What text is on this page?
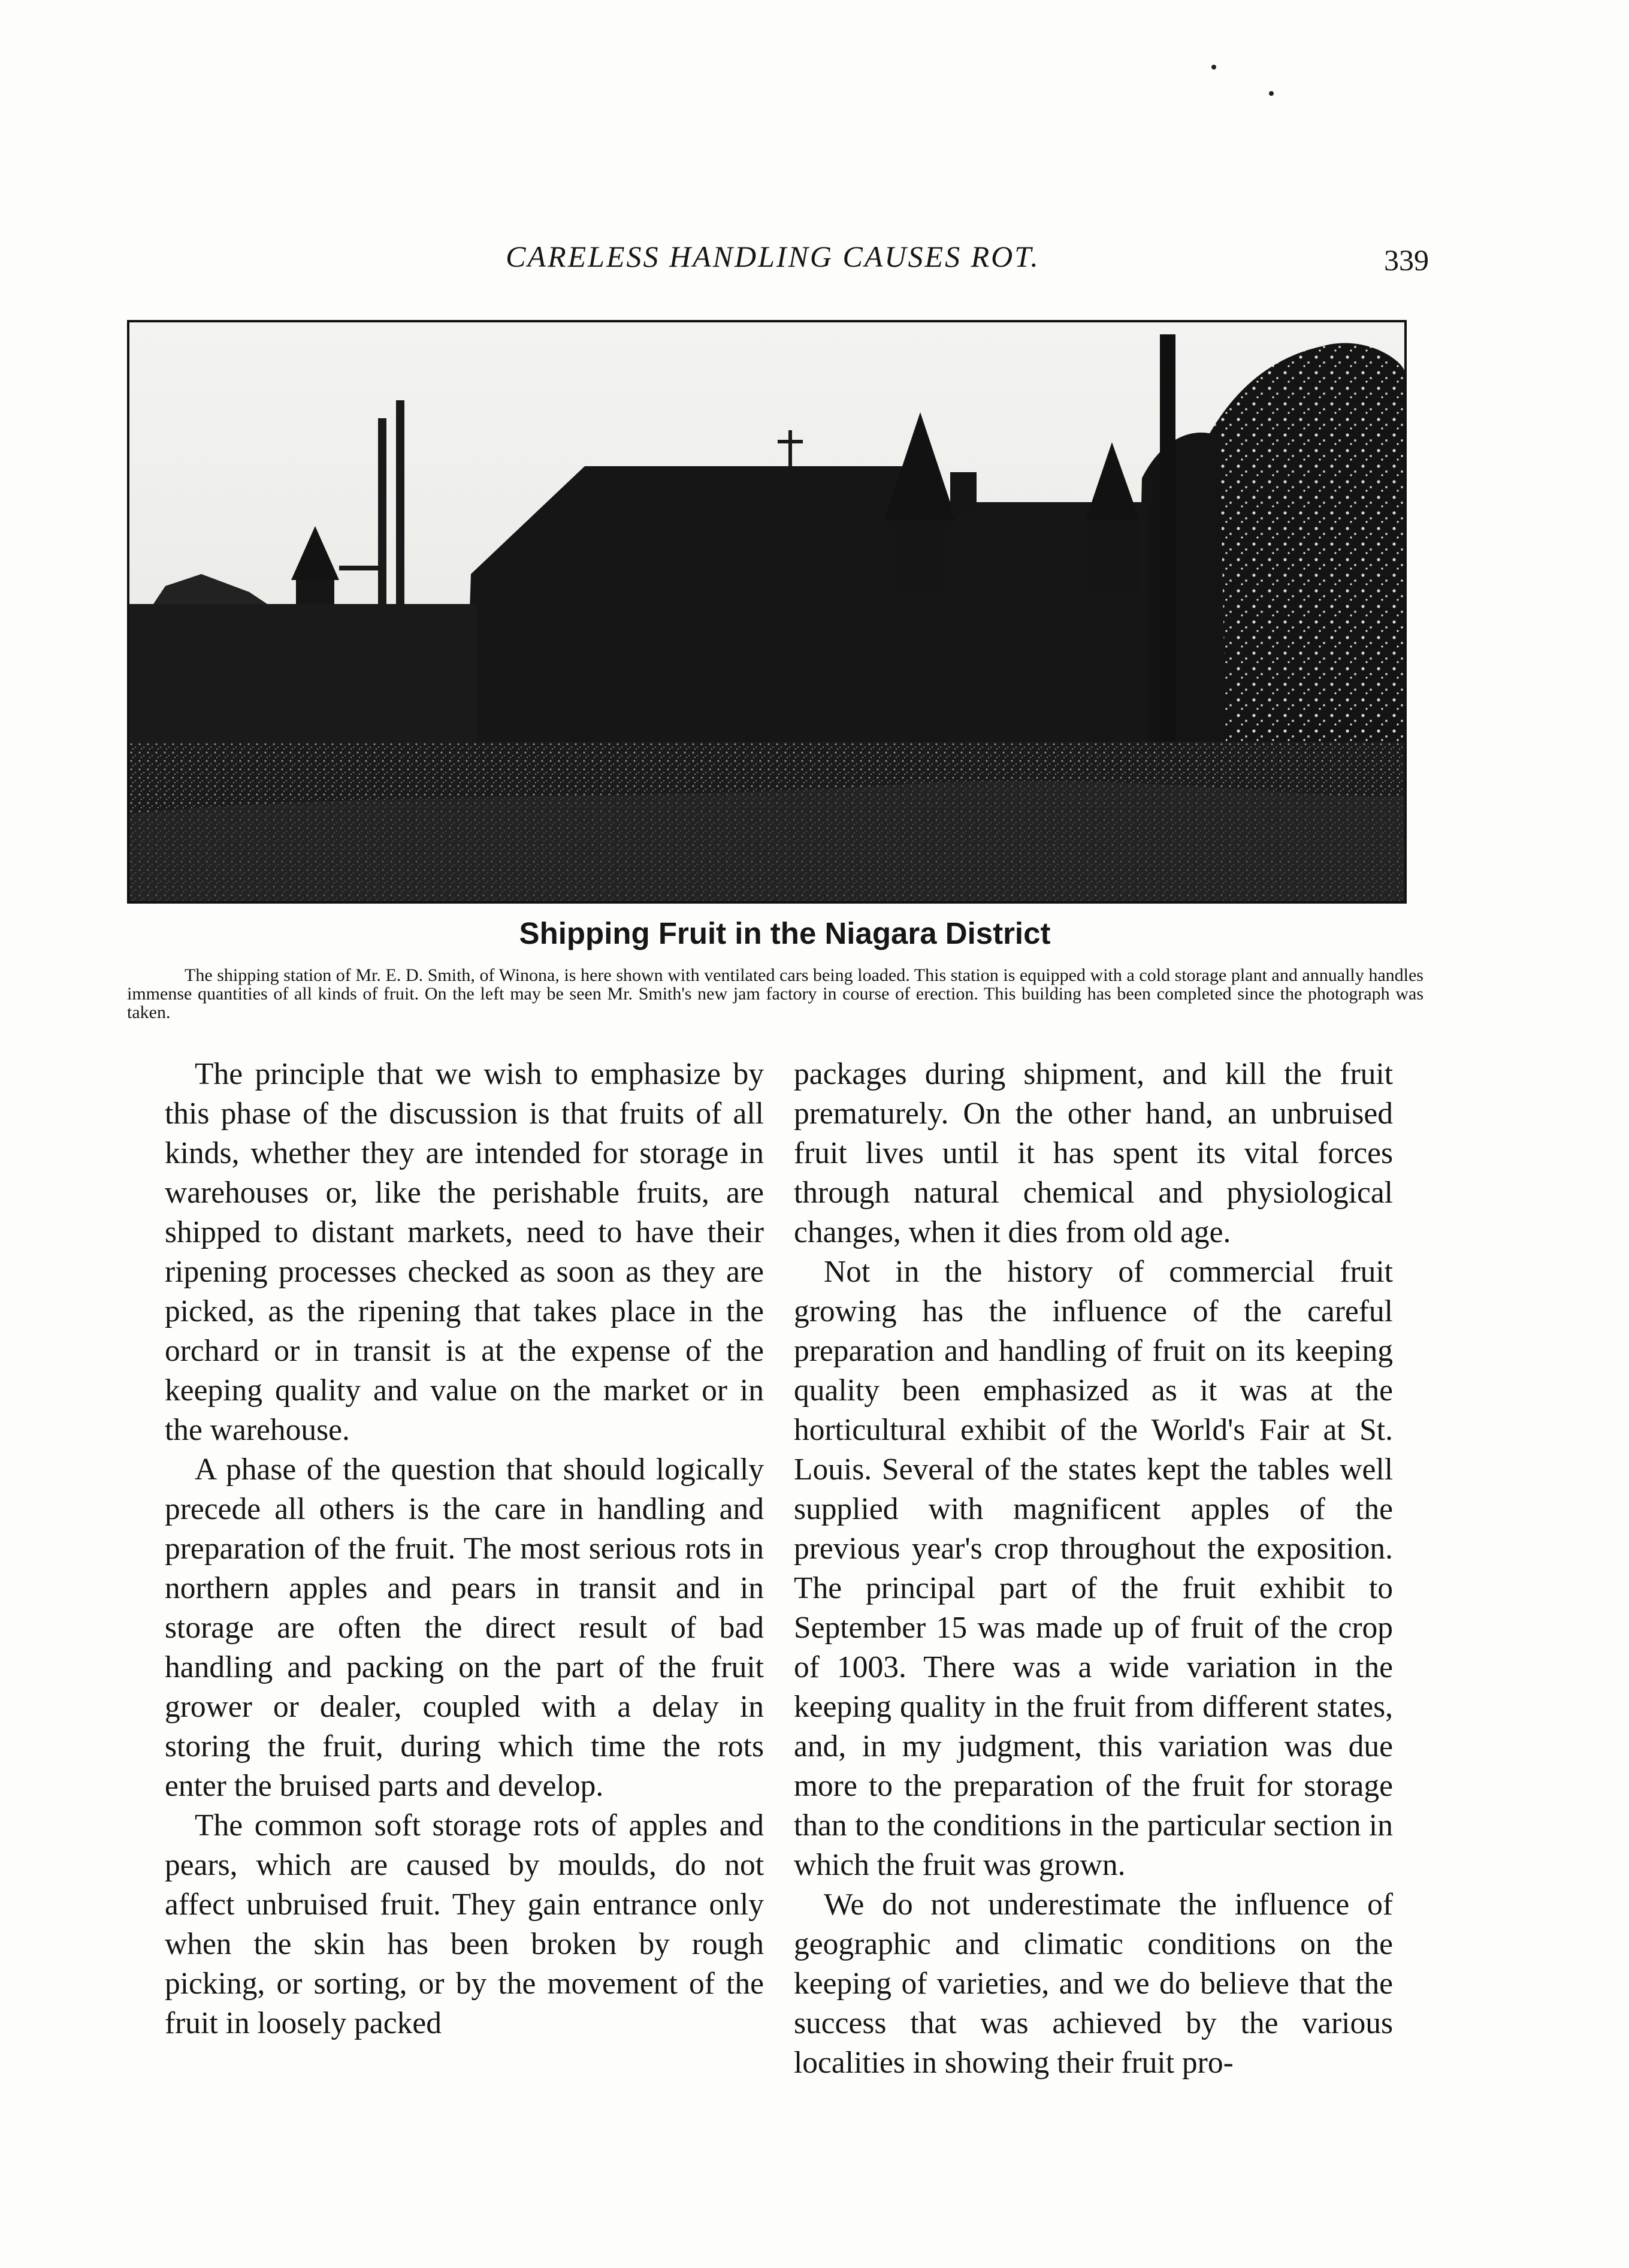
CARELESS HANDLING CAUSES ROT.	339
Shipping Fruit in the Niagara District

The shipping station of Mr. E. D. Smith, of Winona, is here shown with ventilated cars being loaded. This station is equipped with a cold storage plant and annually handles immense quantities of all kinds of fruit. On the left may be seen Mr. Smith's new jam factory in course of erection. This building has been completed since the photograph was taken.

The principle that we wish to emphasize by this phase of the discussion is that fruits of all kinds, whether they are intended for storage in warehouses or, like the perishable fruits, are shipped to distant markets, need to have their ripening processes checked as soon as they are picked, as the ripening that takes place in the orchard or in transit is at the expense of the keeping quality and value on the market or in the warehouse.

A phase of the question that should logically precede all others is the care in handling and preparation of the fruit. The most serious rots in northern apples and pears in transit and in storage are often the direct result of bad handling and packing on the part of the fruit grower or dealer, coupled with a delay in storing the fruit, during which time the rots enter the bruised parts and develop.

The common soft storage rots of apples and pears, which are caused by moulds, do not affect unbruised fruit. They gain entrance only when the skin has been broken by rough picking, or sorting, or by the movement of the fruit in loosely packed

packages during shipment, and kill the fruit prematurely. On the other hand, an unbruised fruit lives until it has spent its vital forces through natural chemical and physiological changes, when it dies from old age.

Not in the history of commercial fruit growing has the influence of the careful preparation and handling of fruit on its keeping quality been emphasized as it was at the horticultural exhibit of the World's Fair at St. Louis. Several of the states kept the tables well supplied with magnificent apples of the previous year's crop throughout the exposition. The principal part of the fruit exhibit to September 15 was made up of fruit of the crop of 1003. There was a wide variation in the keeping quality in the fruit from different states, and, in my judgment, this variation was due more to the preparation of the fruit for storage than to the conditions in the particular section in which the fruit was grown.

We do not underestimate the influence of geographic and climatic conditions on the keeping of varieties, and we do believe that the success that was achieved by the various localities in showing their fruit pro-
